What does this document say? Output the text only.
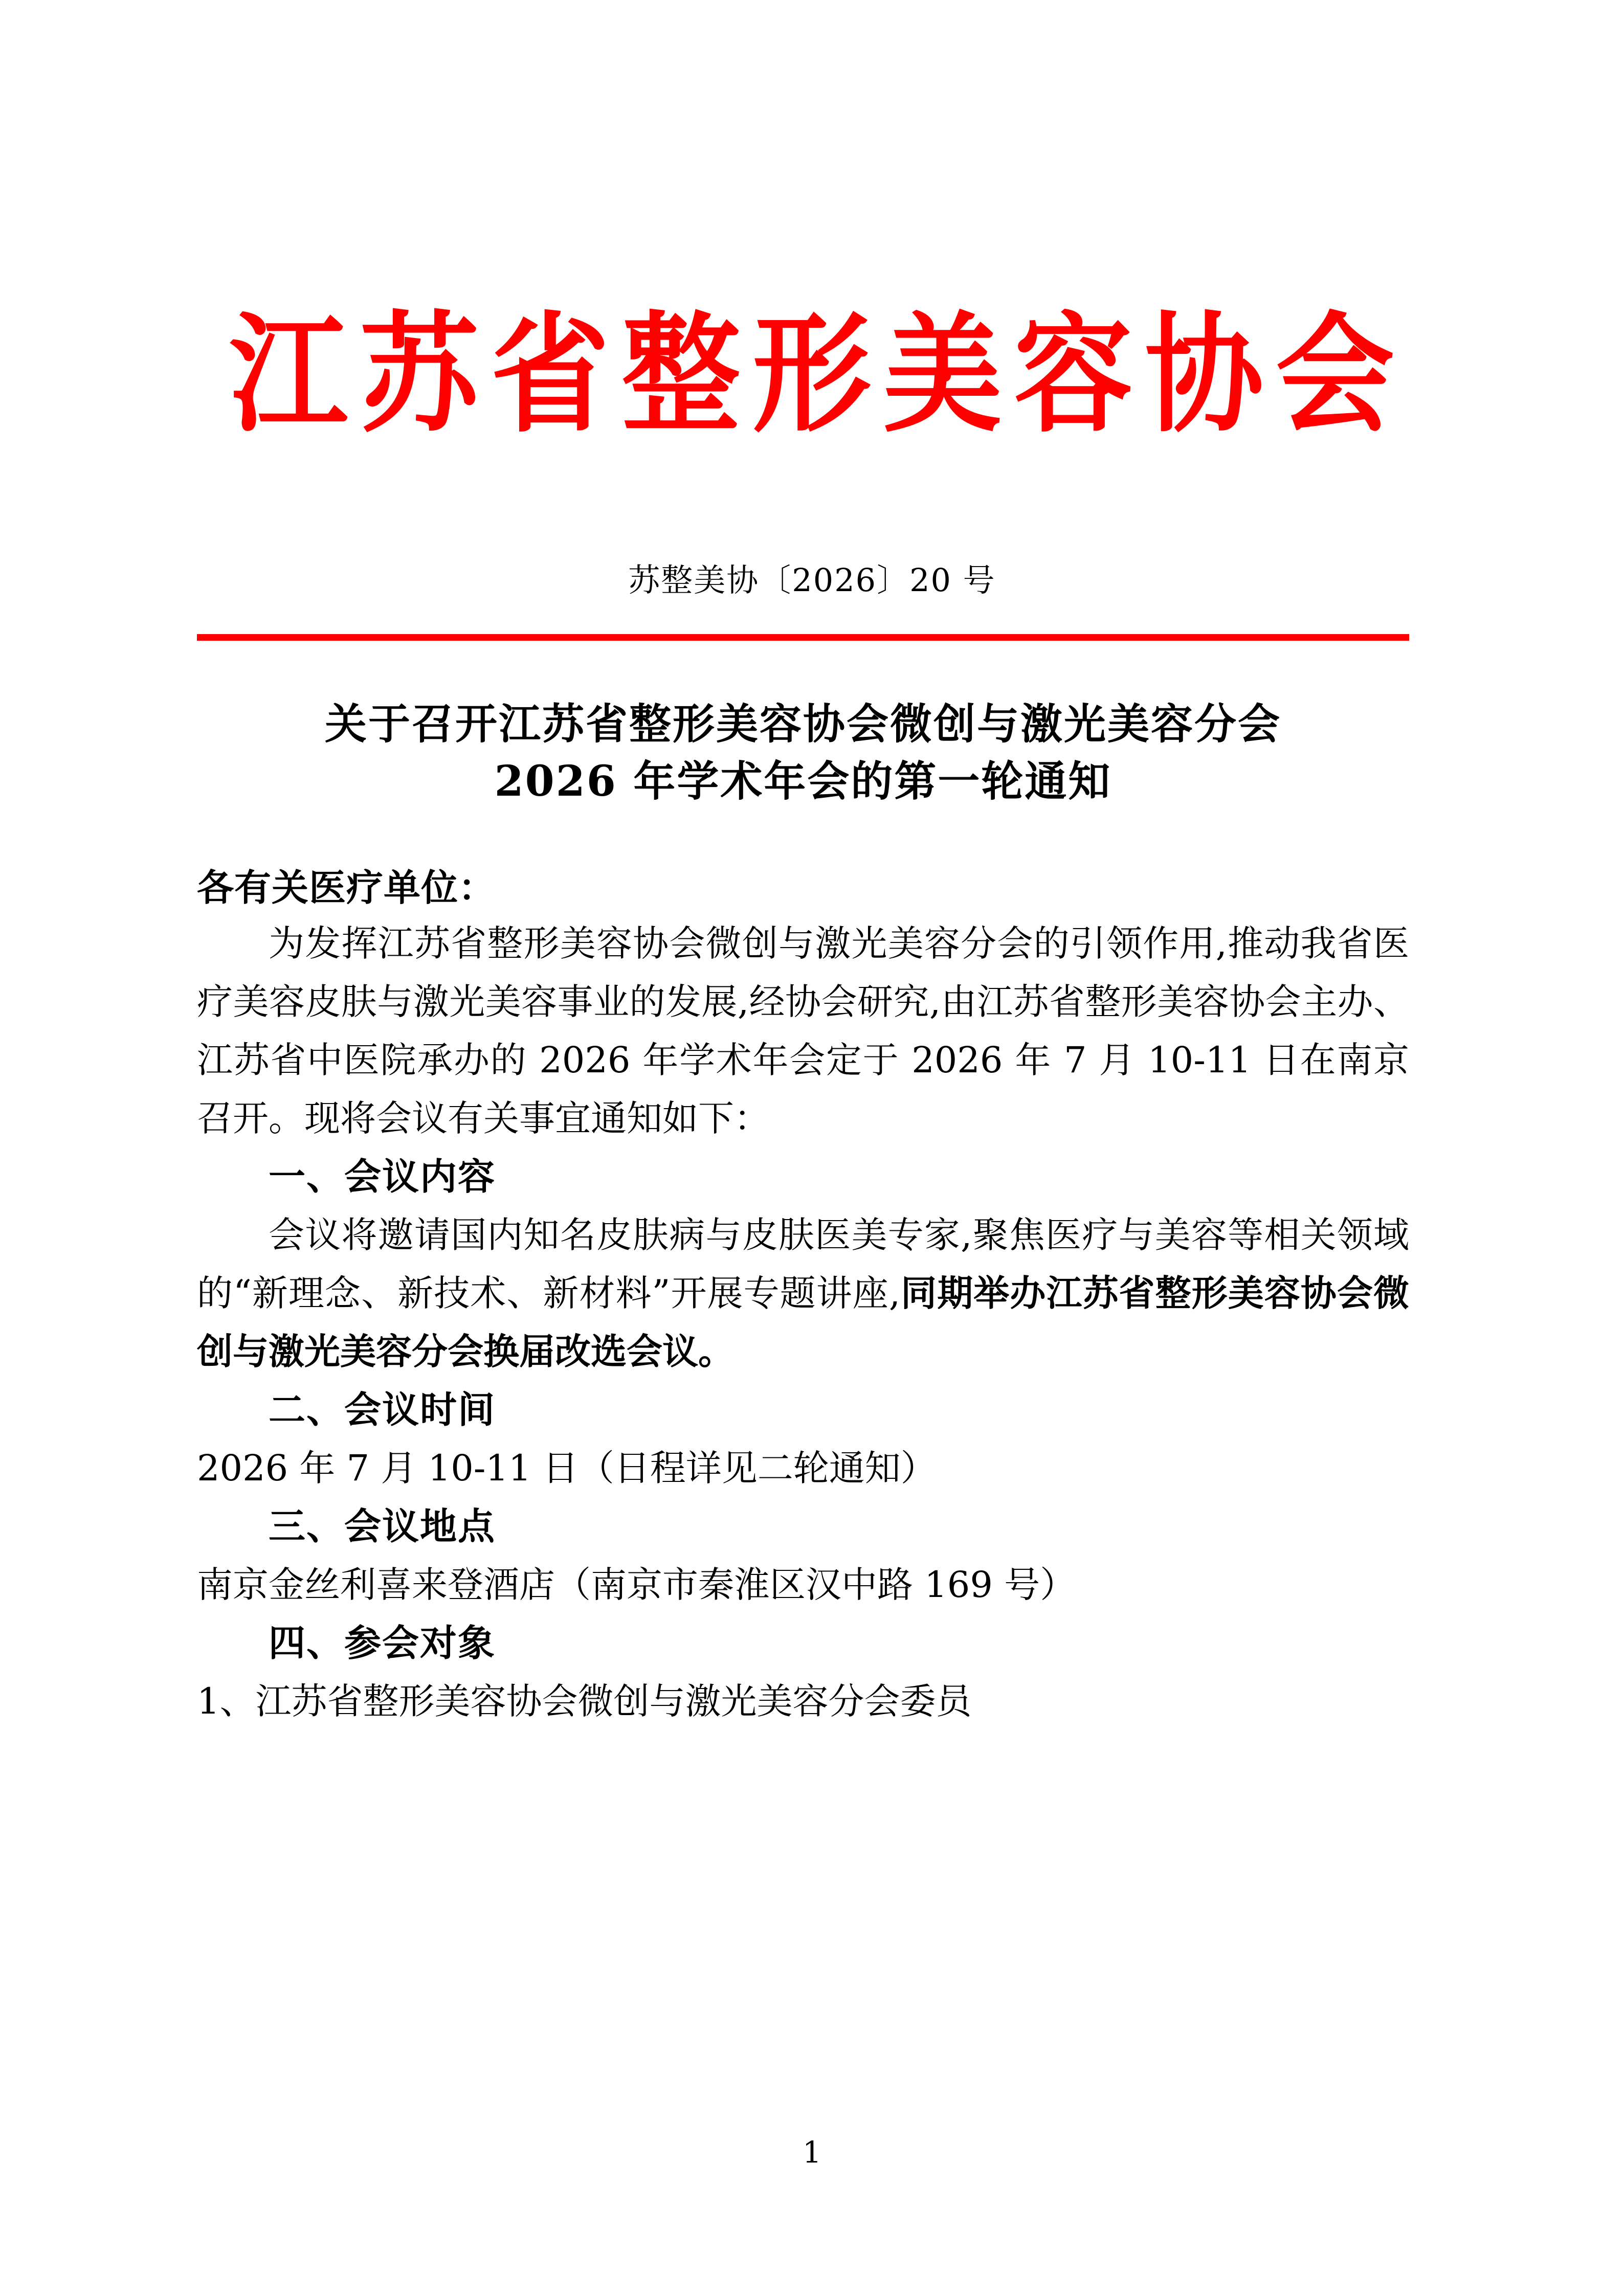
江苏省整形美容协会
苏整美协〔2026〕20 号
关于召开江苏省整形美容协会微创与激光美容分会
2026 年学术年会的第一轮通知
各有关医疗单位：

为发挥江苏省整形美容协会微创与激光美容分会的引领作用,推动我省医疗美容皮肤与激光美容事业的发展,经协会研究,由江苏省整形美容协会主办、江苏省中医院承办的 2026 年学术年会定于 2026 年 7 月 10-11 日在南京召开。现将会议有关事宜通知如下：

一、会议内容

会议将邀请国内知名皮肤病与皮肤医美专家,聚焦医疗与美容等相关领域的“新理念、新技术、新材料”开展专题讲座,同期举办江苏省整形美容协会微创与激光美容分会换届改选会议。

二、会议时间

2026 年 7 月 10-11 日（日程详见二轮通知）

三、会议地点

南京金丝利喜来登酒店（南京市秦淮区汉中路 169 号）

四、参会对象

1、江苏省整形美容协会微创与激光美容分会委员

1
